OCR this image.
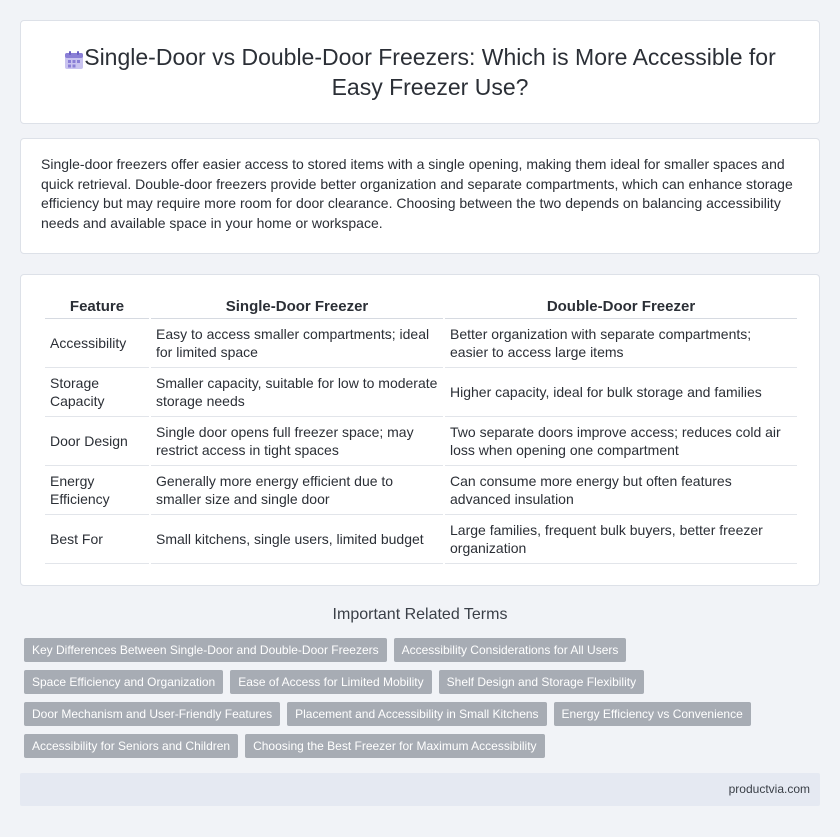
Single-Door vs Double-Door Freezers: Which is More Accessible for Easy Freezer Use?

Single-door freezers offer easier access to stored items with a single opening, making them ideal for smaller spaces and quick retrieval. Double-door freezers provide better organization and separate compartments, which can enhance storage efficiency but may require more room for door clearance. Choosing between the two depends on balancing accessibility needs and available space in your home or workspace.

Feature	Single-Door Freezer	Double-Door Freezer
Accessibility	Easy to access smaller compartments; ideal for limited space	Better organization with separate compartments; easier to access large items
Storage Capacity	Smaller capacity, suitable for low to moderate storage needs	Higher capacity, ideal for bulk storage and families
Door Design	Single door opens full freezer space; may restrict access in tight spaces	Two separate doors improve access; reduces cold air loss when opening one compartment
Energy Efficiency	Generally more energy efficient due to smaller size and single door	Can consume more energy but often features advanced insulation
Best For	Small kitchens, single users, limited budget	Large families, frequent bulk buyers, better freezer organization
Important Related Terms
Key Differences Between Single-Door and Double-Door Freezers	Accessibility Considerations for All Users
Space Efficiency and Organization	Ease of Access for Limited Mobility	Shelf Design and Storage Flexibility
Door Mechanism and User-Friendly Features	Placement and Accessibility in Small Kitchens	Energy Efficiency vs Convenience
Accessibility for Seniors and Children	Choosing the Best Freezer for Maximum Accessibility
productvia.com
